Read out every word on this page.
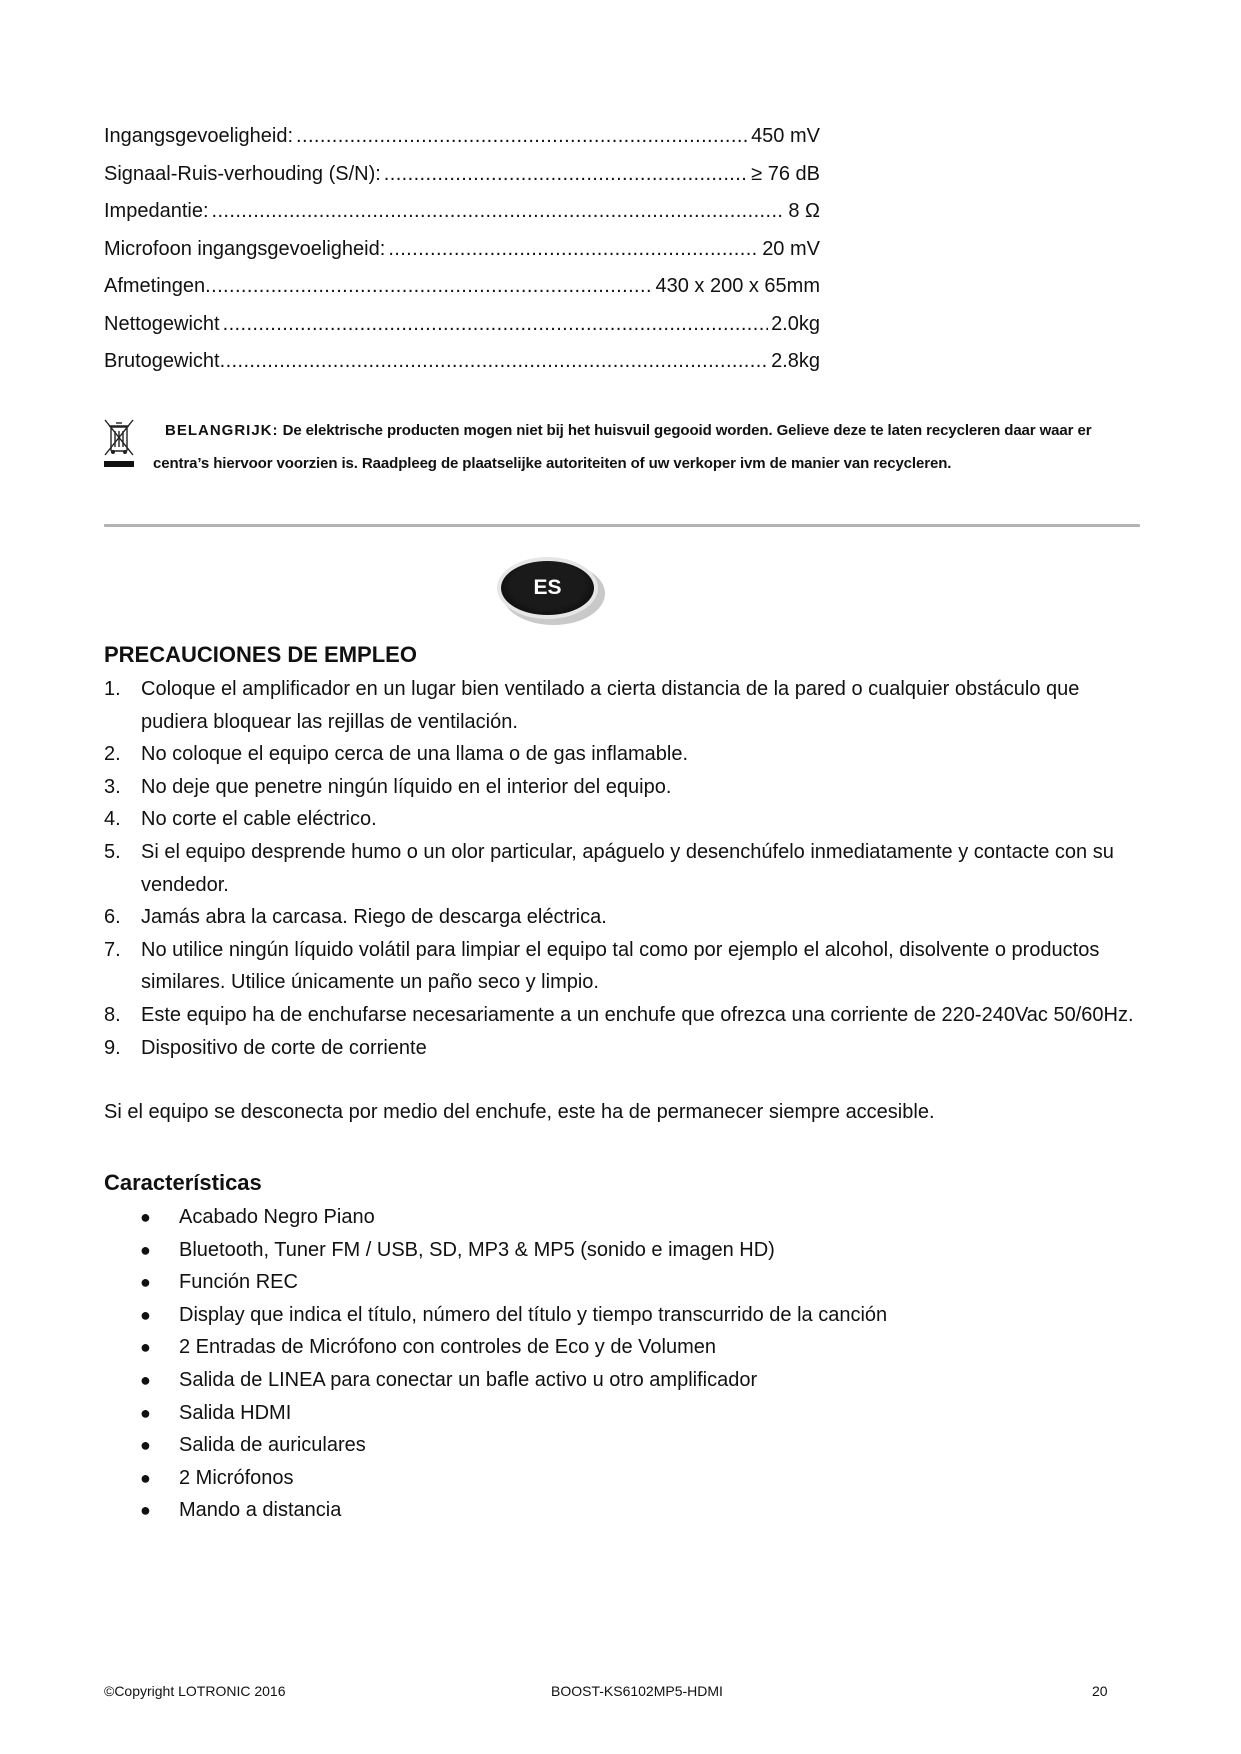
Ingangsgevoeligheid: .....	450 mV
Signaal-Ruis-verhouding (S/N): .....	≥ 76 dB
Impedantie: .....	8 Ω
Microfoon ingangsgevoeligheid: .....	20 mV
Afmetingen .....	430 x 200 x 65mm
Nettogewicht .....	2.0kg
Brutogewicht .....	2.8kg
BELANGRIJK: De elektrische producten mogen niet bij het huisvuil gegooid worden. Gelieve deze te laten recycleren daar waar er centra’s hiervoor voorzien is. Raadpleeg de plaatselijke autoriteiten of uw verkoper ivm de manier van recycleren.
ES
PRECAUCIONES DE EMPLEO
1. Coloque el amplificador en un lugar bien ventilado a cierta distancia de la pared o cualquier obstáculo que pudiera bloquear las rejillas de ventilación.
2. No coloque el equipo cerca de una llama o de gas inflamable.
3. No deje que penetre ningún líquido en el interior del equipo.
4. No corte el cable eléctrico.
5. Si el equipo desprende humo o un olor particular, apáguelo y desenchúfelo inmediatamente y contacte con su vendedor.
6. Jamás abra la carcasa. Riego de descarga eléctrica.
7. No utilice ningún líquido volátil para limpiar el equipo tal como por ejemplo el alcohol, disolvente o productos similares. Utilice únicamente un paño seco y limpio.
8. Este equipo ha de enchufarse necesariamente a un enchufe que ofrezca una corriente de 220-240Vac 50/60Hz.
9. Dispositivo de corte de corriente
Si el equipo se desconecta por medio del enchufe, este ha de permanecer siempre accesible.
Características
● Acabado Negro Piano
● Bluetooth, Tuner FM / USB, SD, MP3 & MP5 (sonido e imagen HD)
● Función REC
● Display que indica el título, número del título y tiempo transcurrido de la canción
● 2 Entradas de Micrófono con controles de Eco y de Volumen
● Salida de LINEA para conectar un bafle activo u otro amplificador
● Salida HDMI
● Salida de auriculares
● 2 Micrófonos
● Mando a distancia
©Copyright LOTRONIC 2016	BOOST-KS6102MP5-HDMI	20
